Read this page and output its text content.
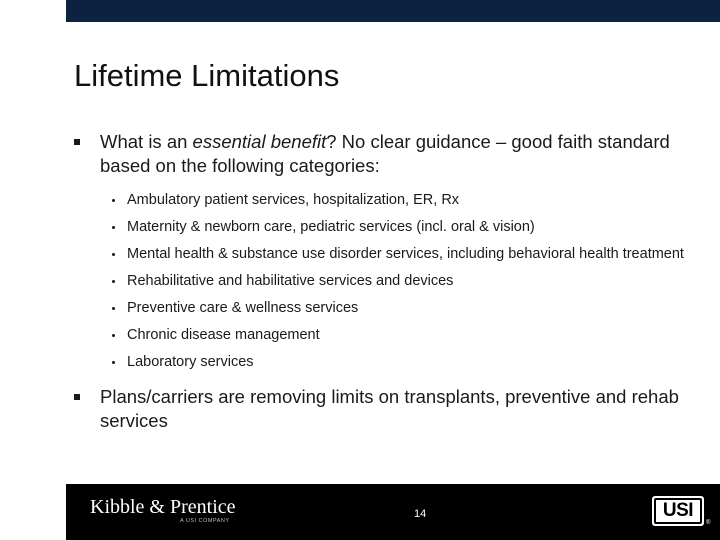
Lifetime Limitations
What is an essential benefit? No clear guidance – good faith standard based on the following categories:
Ambulatory patient services, hospitalization, ER, Rx
Maternity & newborn care, pediatric services (incl. oral & vision)
Mental health & substance use disorder services, including behavioral health treatment
Rehabilitative and habilitative services and devices
Preventive care & wellness services
Chronic disease management
Laboratory services
Plans/carriers are removing limits on transplants, preventive and rehab services
Kibble & Prentice
A USI COMPANY
14	USI
®
